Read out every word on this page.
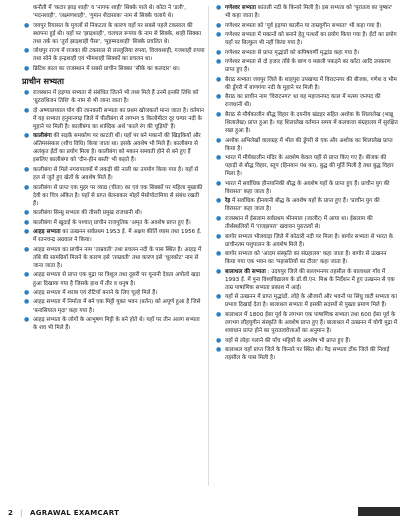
कनौती में 'कटार झाड़ शाही' व 'नागफ शाही' सिक्के पाले थे। कोटा ने 'डली', 'मदनशाही', 'लक्ष्मणशाही', 'गुमान शैदासाक' नाम से सिक्के चलाये थे।
● जयपुर रियासत के मुगलों से निकटता के कारण यहाँ पर सबसे पहले टकसाल की स्थापना हुई थी। यहाँ पर 'झाड़शाही', चलचल रूपया के नाम से सिक्के, शाही सिक्का तथा तर्क का 'तुर्रा झाड़शाही पैसा', 'मुहम्मदशाही' सिक्के प्रचलित थे।
● जोधपुर राज्य में राजका की टकसाल से लल्लूलिया रुपया, विजयशाही, गजशाही रुपया तथा सोने के इन्द्रशाही एवं भीमशाही सिक्कों का प्रचलन था।
● ब्रिटिश काल का राजस्थान में सबसे प्राचीन सिक्का 'सीके का कलदार' था।
प्राचीन सभ्यता
● राजस्थान में हड़प्पा सभ्यता से संबंधित जितने भी तथ्य मिले हैं उनमें इनकी तिथि को 'ग्रुटराथिजन तिथि' के नाम से भी जाना जाता है।
● दो अष्णालय्याल योग की जानकारी सभ्यता का प्रथम खोजकर्ता माना जाता है। वर्तमान में यह सभ्यता हनुमानगढ़ जिले में पीलीबंगा से लगभग 5 किलोमीटर दूर घग्घर नदी के मुहाने पर मिली है। कालीबंगा का शाब्दिक अर्थ 'काले रंग की चूड़ियाँ' हैं।
● कालीबंगा की सड़कें समकोण पर काटती थीं। यहाँ पर बने मकानों की खिड़कियाँ और अंतिमसंस्कार (शौच विधि) किया जाता था। इसके अवशेष भी मिले हैं। कालीबंगा से अलंकृत ईंटों का प्रयोग मिला है। कालीबंगा को मकान समवती होने से बने हुए हैं इसलिए कालीबंगा को 'दीन-हीन बस्ती' भी कहते हैं।
● कालीबंगा से मिले नगरापालयों में लकड़ी की नाली का उपयोग किया गया है। यहाँ से हल से जुते हुए खेतों के अवशेष मिले हैं।
● कालीबंगा से प्राप्त एक मुहर पर व्याघ्र (चीता) का एवं एक सिक्कों पर महिला मुखाकी देवी का चित्र अंकित है। यहाँ से प्राप्त बेलनाकार मोहरें मेसोपोटामिया से संबंध रखती हैं।
● कालीबंगा सिन्धु सभ्यता की तीसरी प्रमुख राजधानी थी।
● कालीबंगा में खुदाई के पश्चात् प्राचीन राजपूतिक 'अमृत के अवशेष प्राप्त हुए हैं।
● आहड़ सभ्यता का उत्खनन सर्वप्रथम 1953 ई. में अक्षय कीर्ति व्यास तथा 1956 ई. में रतनचन्द्र अग्रवाल ने किया।
● आहड़ सभ्यता का प्राचीन नाम 'ताम्रवती' तथा प्रचलन नदी के पास स्थित है। आहड़ में ताँबे की सामग्रियाँ मिलने के कारण इसे 'ताम्रवती' तथा कारण इसे 'धूलकोट' नाम से जाना जाता है।
● आहड़ सभ्यता से प्राप्त एक मुद्रा पर त्रिशूल तथा दूसरी पर यूनानी देवता अपोलो खड़ा हुआ दिखाया गया है जिसके हाथ में तीर व धनुष है।
● आहड़ सभ्यता में शराब एवं रोटियाँ बनाने के लिए चूल्हे मिले हैं।
● आहड़ सभ्यता में निर्माता में बने एक मिट्टी युक्त भवन (बर्तन) को अपूर्ण हुआ है जिसे 'बनासियाल मृदा' कहा गया है।
● आहड़ सभ्यता के लोगों के आभूषण मिट्टी के बने होते थे। यहाँ पर तीन अलग सभ्यता के शव भी मिले हैं।
● गणेश्वर सभ्यता कांतली नदी के किनारे मिली है। इस सभ्यता को 'पुरातत्व का पुष्कर' भी कहा जाता है।
● गणेश्वर सभ्यता को 'पूर्व हड़प्पा कालीन या ताम्रयुगीन सभ्यता' भी कहा गया है।
● गणेश्वर सभ्यता में मकानों को बनाने हेतु पत्थरों का प्रयोग किया गया है। ईंटों का प्रयोग यहाँ पर बिल्कुल भी नहीं किया गया है।
● गणेश्वर सभ्यता से प्राप्त मृद्भांडों को कपिषवर्णी मृद्भांड कहा गया है।
● गणेश्वर सभ्यता से दो हजार ताँबे के बाण व मछली पकड़ने का काँटा आदि उपकरण प्राप्त हुए हैं।
● बैराठ सभ्यता जयपुर जिले के शाहपुरा उपखण्ड में विराटनगर की बीजक, गणेश व भीम की डूँगरी में बाणगंगा नदी के मुहाने पर मिली है।
● बैराठ का प्राचीन नाम 'विराटनगर' था यह महाजनपद काल में मत्स्य जनपद की राजधानी थी।
● बैराठ से मौर्यकालीन बौद्ध विहार के दयनीय खंडहर सहित अशोक के शिलालेख (भाब्रू शिलालेख) प्राप्त हुआ है। यह शिलालेख वर्तमान समय में कलकत्ता संग्रहालय में सुरक्षित रखा हुआ है।
● अशोक अभिलेखों वालाग्रह में भील की डूँगरी से एक और अशोक का शिलालेख प्राप्त किया है।
● भारत में मौर्यकालीन मंदिर के अवशेष केवल यहीं से प्राप्त किए गए हैं। बीजक की पहाड़ी से बौद्ध विहार, स्तूप (हिनयान पंथ का), बुद्ध की मूर्ति मिली है तथा बुद्ध विहार मिला है।
● भारत में सर्वाधिक हीनयानिकी बौद्ध के अवशेष यहाँ के प्राप्त हुए हैं। प्राचीन युग की विरासत' कहा जाता है।
● रेड़ में सर्वाधिक हीनयानी बौद्ध के अवशेष यहाँ के प्राप्त हुए हैं। 'प्राचीन युग की विरासत' कहा जाता है।
● राजस्थान में ईसलाम सर्वप्रथम भीनमाल (जालौर) में आया था। ईसलाम की तीर्थस्थलियों में 'राजझपरा' खवावन पुरातत्वों से।
● बागोर सभ्यता भीलवाड़ा जिले में कोठारी नदी पर मिला है। बागोर सभ्यता से भारत के प्राचीनतम पशुपालन के अवशेष मिले हैं।
● बागोर सभ्यता को 'आदम संस्कृति का संग्रहालय' कहा जाता है। बागोर से उत्खनन किया गया एक भवन का 'महासतियों का टीला' कहा जाता है।
● बालाथल की सभ्यता : उदयपुर जिले की बल्लभनगर तहसील के बालाथल गाँव में 1993 ई. में पुना विश्वविद्यालय के डॉ.वी.एन. मिश्र के निर्देशन में हुए उत्खनन से एक ताम्र पाषाणिक सभ्यता प्रकाश में आई।
● यहाँ से उत्खनन में प्राप्त मृद्भांडों, लोहे के औजारों और भवनों पर सिंधु घाटी सभ्यता का प्रभाव दिखाई देता है। बालाथल सभ्यता में इसकी सदस्यों से पुख्ता प्रमाण मिले हैं।
● बालाथल में 1800 ईसा पूर्व के लगभग एक पाषाणिक सभ्यता तथा 600 ईसा पूर्व के लगभग लौहयुगीन संस्कृति के अवशेष प्राप्त हुए हैं। बालाथल में उत्खनन में योगी मुद्रा में शवाधान प्राप्त होने का पुरातत्ववेत्ताओं का अनुमान है।
● यहाँ से लोहा गलाने की पाँच भट्टियों के अवशेष भी प्राप्त हुए हैं।
● बालाथल यहाँ प्राप्त जिले के किनारे पर स्थित थी। पैड़ सभ्यता टोंक जिले की निवाई तहसील के पास मिली है।
2 | AGRAWAL EXAMCART
